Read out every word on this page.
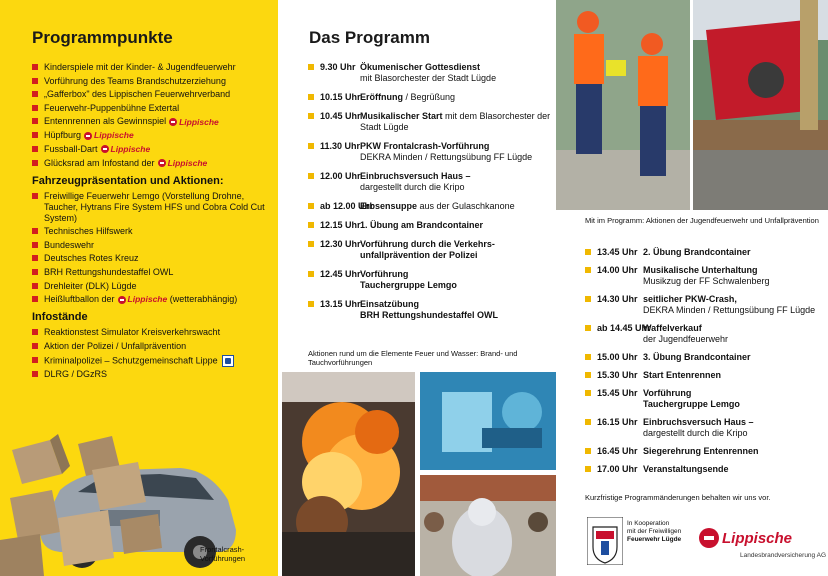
Programmpunkte
Kinderspiele mit der Kinder- & Jugendfeuerwehr
Vorführung des Teams Brandschutzerziehung
„Gafferbox" des Lippischen Feuerwehrverband
Feuerwehr-Puppenbühne Extertal
Entennrennen als Gewinnspiel Lippische
Hüpfburg Lippische
Fussball-Dart Lippische
Glücksrad am Infostand der Lippische
Fahrzeugpräsentation und Aktionen:
Freiwillige Feuerwehr Lemgo (Vorstellung Drohne, Taucher, Hytrans Fire System HFS und Cobra Cold Cut System)
Technisches Hilfswerk
Bundeswehr
Deutsches Rotes Kreuz
BRH Rettungshundestaffel OWL
Drehleiter (DLK) Lügde
Heißluftballon der Lippische (wetterabhängig)
Infostände
Reaktionstest Simulator Kreisverkehrswacht
Aktion der Polizei / Unfallprävention
Kriminalpolizei – Schutzgemeinschaft Lippe
DLRG / DGzRS
Frontalcrash-
Vorführungen
Das Programm
9.30 Uhr Ökumenischer Gottesdienst
mit Blasorchester der Stadt Lügde
10.15 Uhr Eröffnung / Begrüßung
10.45 Uhr Musikalischer Start mit dem Blasorchester der Stadt Lügde
11.30 Uhr PKW Frontalcrash-Vorführung
DEKRA Minden / Rettungsübung FF Lügde
12.00 Uhr Einbruchsversuch Haus –
dargestellt durch die Kripo
ab 12.00 Uhr
Erbsensuppe aus der Gulaschkanone
12.15 Uhr 1. Übung am Brandcontainer
12.30 Uhr Vorführung durch die Verkehrs-unfallprävention der Polizei
12.45 Uhr Vorführung
Tauchergruppe Lemgo
13.15 Uhr Einsatzübung
BRH Rettungshundestaffel OWL
Aktionen rund um die Elemente Feuer und Wasser: Brand- und Tauchvorführungen
Mit im Programm: Aktionen der Jugendfeuerwehr und Unfallprävention
13.45 Uhr 2. Übung Brandcontainer
14.00 Uhr Musikalische Unterhaltung
Musikzug der FF Schwalenberg
14.30 Uhr seitlicher PKW-Crash,
DEKRA Minden / Rettungsübung FF Lügde
ab 14.45 Uhr
Waffelverkauf
der Jugendfeuerwehr
15.00 Uhr 3. Übung Brandcontainer
15.30 Uhr Start Entenrennen
15.45 Uhr Vorführung
Tauchergruppe Lemgo
16.15 Uhr Einbruchsversuch Haus –
dargestellt durch die Kripo
16.45 Uhr Siegerehrung Entenrennen
17.00 Uhr Veranstaltungsende
Kurzfristige Programmänderungen behalten wir uns vor.
In Kooperation
mit der Freiwilligen
Feuerwehr Lügde	Lippische
Landesbrandversicherung AG
